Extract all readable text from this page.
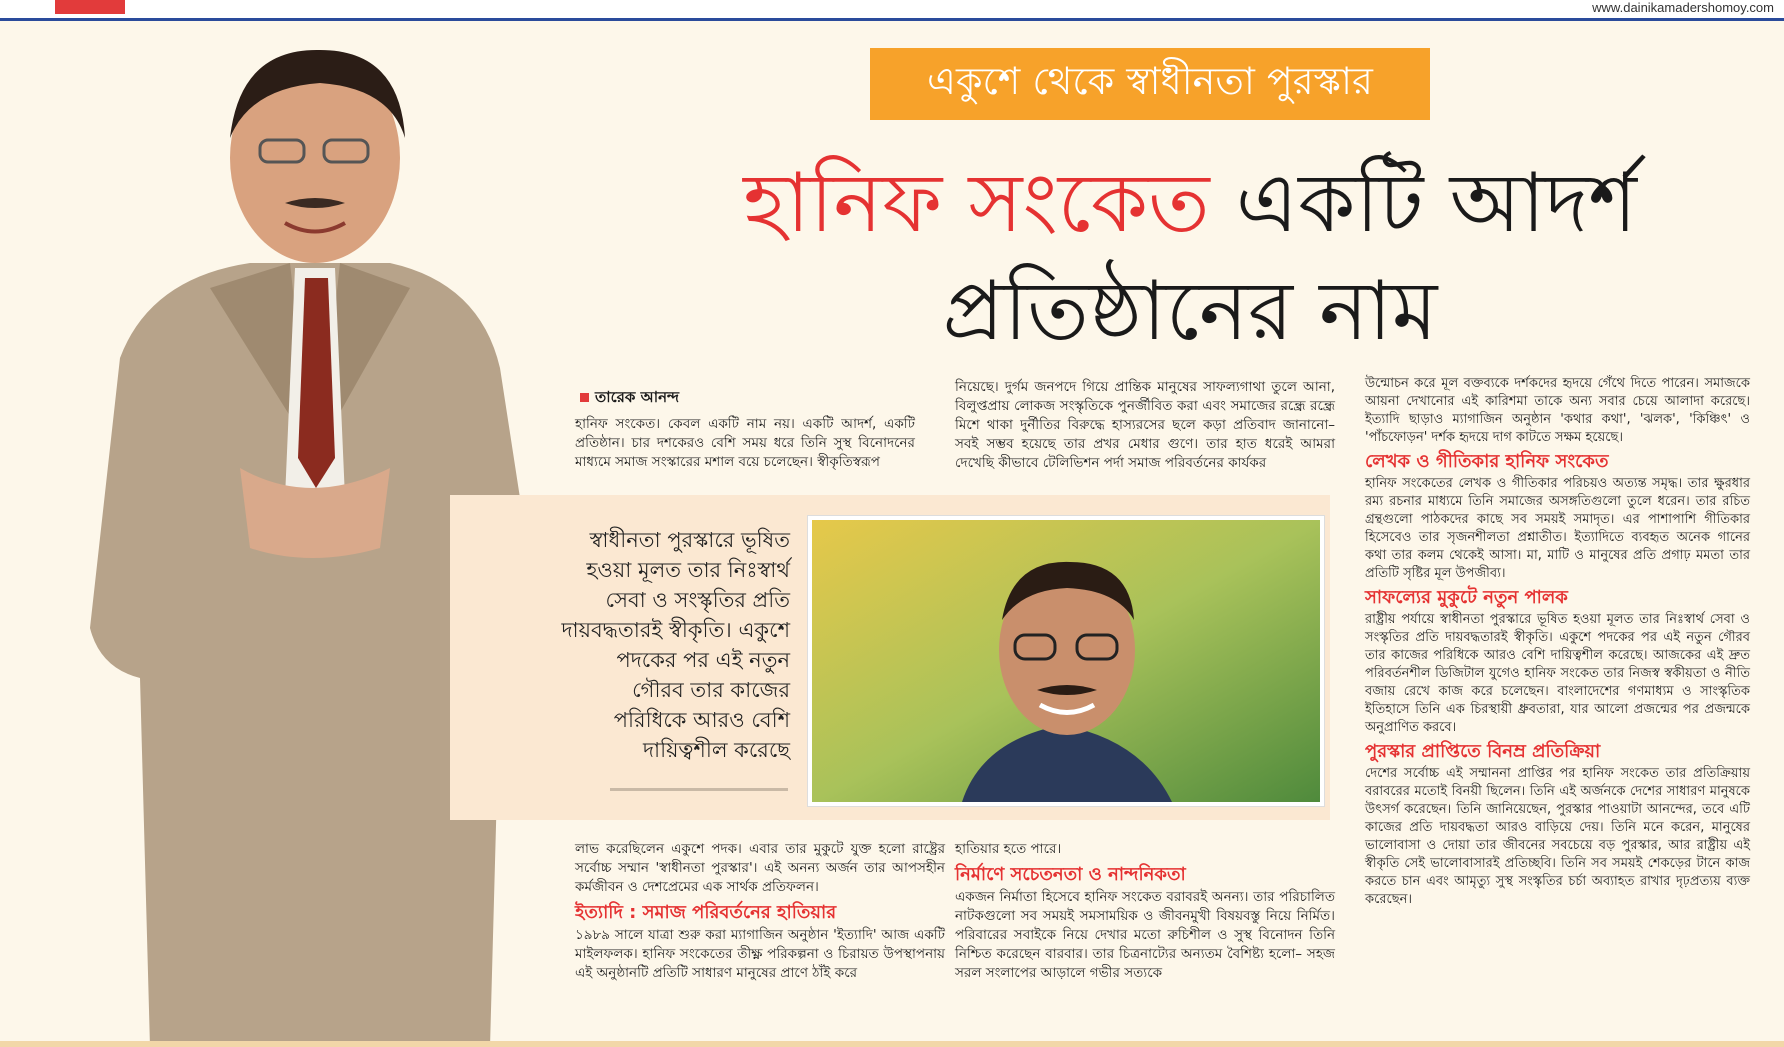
www.dainikamadershomoy.com
একুশে থেকে স্বাধীনতা পুরস্কার
হানিফ সংকেত একটি আদর্শ
প্রতিষ্ঠানের নাম
তারেক আনন্দ
হানিফ সংকেত। কেবল একটি নাম নয়। একটি আদর্শ, একটি প্রতিষ্ঠান। চার দশকেরও বেশি সময় ধরে তিনি সুস্থ বিনোদনের মাধ্যমে সমাজ সংস্কারের মশাল বয়ে চলেছেন। স্বীকৃতিস্বরূপ
নিয়েছে। দুর্গম জনপদে গিয়ে প্রান্তিক মানুষের সাফল্যগাথা তুলে আনা, বিলুপ্তপ্রায় লোকজ সংস্কৃতিকে পুনর্জীবিত করা এবং সমাজের রন্ধ্রে রন্ধ্রে মিশে থাকা দুর্নীতির বিরুদ্ধে হাস্যরসের ছলে কড়া প্রতিবাদ জানানো– সবই সম্ভব হয়েছে তার প্রখর মেধার গুণে। তার হাত ধরেই আমরা দেখেছি কীভাবে টেলিভিশন পর্দা সমাজ পরিবর্তনের কার্যকর
স্বাধীনতা পুরস্কারে ভূষিত হওয়া মূলত তার নিঃস্বার্থ সেবা ও সংস্কৃতির প্রতি দায়বদ্ধতারই স্বীকৃতি। একুশে পদকের পর এই নতুন গৌরব তার কাজের পরিধিকে আরও বেশি দায়িত্বশীল করেছে
লাভ করেছিলেন একুশে পদক। এবার তার মুকুটে যুক্ত হলো রাষ্ট্রের সর্বোচ্চ সম্মান 'স্বাধীনতা পুরস্কার'। এই অনন্য অর্জন তার আপসহীন কর্মজীবন ও দেশপ্রেমের এক সার্থক প্রতিফলন।
ইত্যাদি : সমাজ পরিবর্তনের হাতিয়ার
১৯৮৯ সালে যাত্রা শুরু করা ম্যাগাজিন অনুষ্ঠান 'ইত্যাদি' আজ একটি মাইলফলক। হানিফ সংকেতের তীক্ষ্ণ পরিকল্পনা ও চিরায়ত উপস্থাপনায় এই অনুষ্ঠানটি প্রতিটি সাধারণ মানুষের প্রাণে ঠাঁই করে
হাতিয়ার হতে পারে।
নির্মাণে সচেতনতা ও নান্দনিকতা
একজন নির্মাতা হিসেবে হানিফ সংকেত বরাবরই অনন্য। তার পরিচালিত নাটকগুলো সব সময়ই সমসাময়িক ও জীবনমুখী বিষয়বস্তু নিয়ে নির্মিত। পরিবারের সবাইকে নিয়ে দেখার মতো রুচিশীল ও সুস্থ বিনোদন তিনি নিশ্চিত করেছেন বারবার। তার চিত্রনাট্যের অন্যতম বৈশিষ্ট্য হলো– সহজ সরল সংলাপের আড়ালে গভীর সত্যকে
উন্মোচন করে মূল বক্তব্যকে দর্শকদের হৃদয়ে গেঁথে দিতে পারেন। সমাজকে আয়না দেখানোর এই কারিশমা তাকে অন্য সবার চেয়ে আলাদা করেছে। ইত্যাদি ছাড়াও ম্যাগাজিন অনুষ্ঠান 'কথার কথা', 'ঝলক', 'কিঞ্চিৎ' ও 'পাঁচফোড়ন' দর্শক হৃদয়ে দাগ কাটতে সক্ষম হয়েছে।
লেখক ও গীতিকার হানিফ সংকেত
হানিফ সংকেতের লেখক ও গীতিকার পরিচয়ও অত্যন্ত সমৃদ্ধ। তার ক্ষুরধার রম্য রচনার মাধ্যমে তিনি সমাজের অসঙ্গতিগুলো তুলে ধরেন। তার রচিত গ্রন্থগুলো পাঠকদের কাছে সব সময়ই সমাদৃত। এর পাশাপাশি গীতিকার হিসেবেও তার সৃজনশীলতা প্রশ্নাতীত। ইত্যাদিতে ব্যবহৃত অনেক গানের কথা তার কলম থেকেই আসা। মা, মাটি ও মানুষের প্রতি প্রগাঢ় মমতা তার প্রতিটি সৃষ্টির মূল উপজীব্য।
সাফল্যের মুকুটে নতুন পালক
রাষ্ট্রীয় পর্যায়ে স্বাধীনতা পুরস্কারে ভূষিত হওয়া মূলত তার নিঃস্বার্থ সেবা ও সংস্কৃতির প্রতি দায়বদ্ধতারই স্বীকৃতি। একুশে পদকের পর এই নতুন গৌরব তার কাজের পরিধিকে আরও বেশি দায়িত্বশীল করেছে। আজকের এই দ্রুত পরিবর্তনশীল ডিজিটাল যুগেও হানিফ সংকেত তার নিজস্ব স্বকীয়তা ও নীতি বজায় রেখে কাজ করে চলেছেন। বাংলাদেশের গণমাধ্যম ও সাংস্কৃতিক ইতিহাসে তিনি এক চিরস্থায়ী ধ্রুবতারা, যার আলো প্রজন্মের পর প্রজন্মকে অনুপ্রাণিত করবে।
পুরস্কার প্রাপ্তিতে বিনম্র প্রতিক্রিয়া
দেশের সর্বোচ্চ এই সম্মাননা প্রাপ্তির পর হানিফ সংকেত তার প্রতিক্রিয়ায় বরাবরের মতোই বিনয়ী ছিলেন। তিনি এই অর্জনকে দেশের সাধারণ মানুষকে উৎসর্গ করেছেন। তিনি জানিয়েছেন, পুরস্কার পাওয়াটা আনন্দের, তবে এটি কাজের প্রতি দায়বদ্ধতা আরও বাড়িয়ে দেয়। তিনি মনে করেন, মানুষের ভালোবাসা ও দোয়া তার জীবনের সবচেয়ে বড় পুরস্কার, আর রাষ্ট্রীয় এই স্বীকৃতি সেই ভালোবাসারই প্রতিচ্ছবি। তিনি সব সময়ই শেকড়ের টানে কাজ করতে চান এবং আমৃত্যু সুস্থ সংস্কৃতির চর্চা অব্যাহত রাখার দৃঢ়প্রত্যয় ব্যক্ত করেছেন।
